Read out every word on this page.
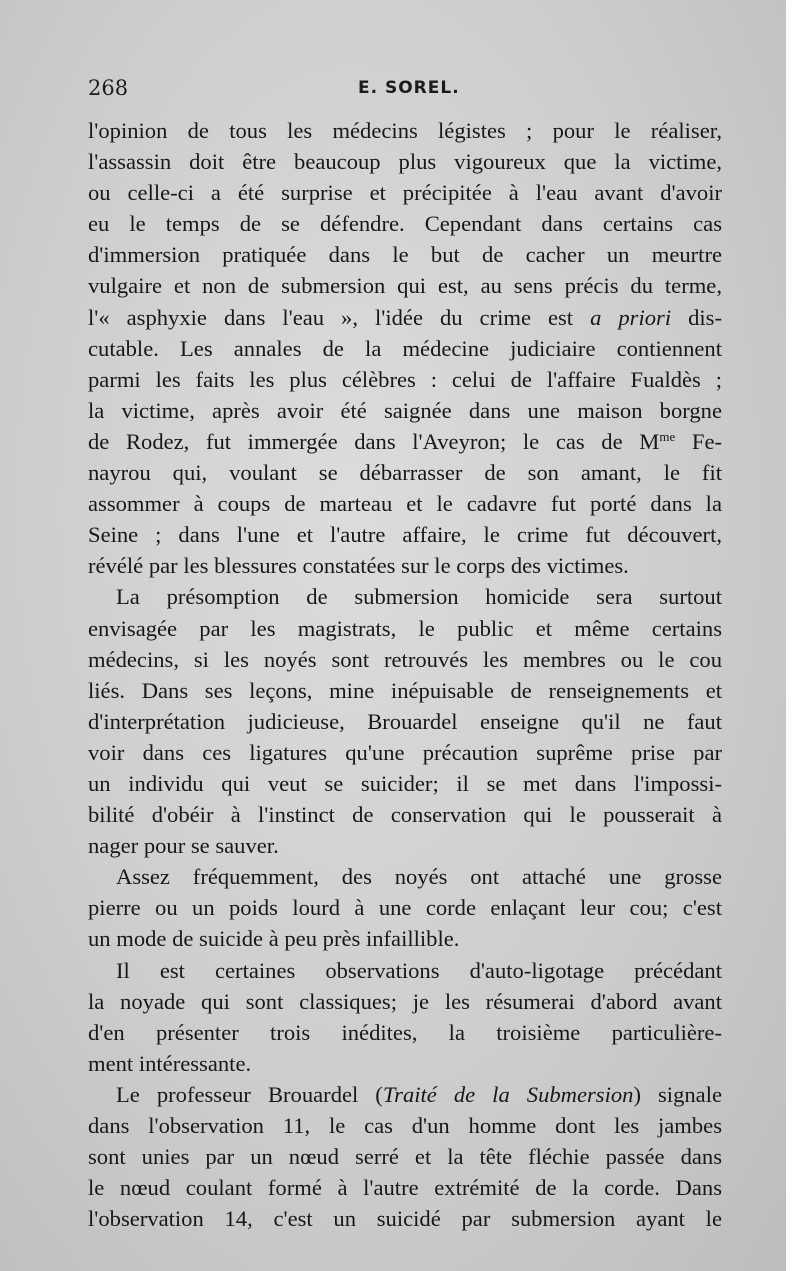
268	E. SOREL.

l'opinion de tous les médecins légistes ; pour le réaliser,
l'assassin doit être beaucoup plus vigoureux que la victime,
ou celle-ci a été surprise et précipitée à l'eau avant d'avoir
eu le temps de se défendre. Cependant dans certains cas
d'immersion pratiquée dans le but de cacher un meurtre
vulgaire et non de submersion qui est, au sens précis du terme,
l'« asphyxie dans l'eau », l'idée du crime est a priori dis-
cutable. Les annales de la médecine judiciaire contiennent
parmi les faits les plus célèbres : celui de l'affaire Fualdès ;
la victime, après avoir été saignée dans une maison borgne
de Rodez, fut immergée dans l'Aveyron; le cas de $M^{me}$ Fe-
nayrou qui, voulant se débarrasser de son amant, le fit
assommer à coups de marteau et le cadavre fut porté dans la
Seine ; dans l'une et l'autre affaire, le crime fut découvert,
révélé par les blessures constatées sur le corps des victimes.

La présomption de submersion homicide sera surtout
envisagée par les magistrats, le public et même certains
médecins, si les noyés sont retrouvés les membres ou le cou
liés. Dans ses leçons, mine inépuisable de renseignements et
d'interprétation judicieuse, Brouardel enseigne qu'il ne faut
voir dans ces ligatures qu'une précaution suprême prise par
un individu qui veut se suicider; il se met dans l'impossi-
bilité d'obéir à l'instinct de conservation qui le pousserait à
nager pour se sauver.

Assez fréquemment, des noyés ont attaché une grosse
pierre ou un poids lourd à une corde enlaçant leur cou; c'est
un mode de suicide à peu près infaillible.

Il est certaines observations d'auto-ligotage précédant
la noyade qui sont classiques; je les résumerai d'abord avant
d'en présenter trois inédites, la troisième particulière-
ment intéressante.

Le professeur Brouardel (Traité de la Submersion) signale
dans l'observation 11, le cas d'un homme dont les jambes
sont unies par un nœud serré et la tête fléchie passée dans
le nœud coulant formé à l'autre extrémité de la corde. Dans
l'observation 14, c'est un suicidé par submersion ayant le
